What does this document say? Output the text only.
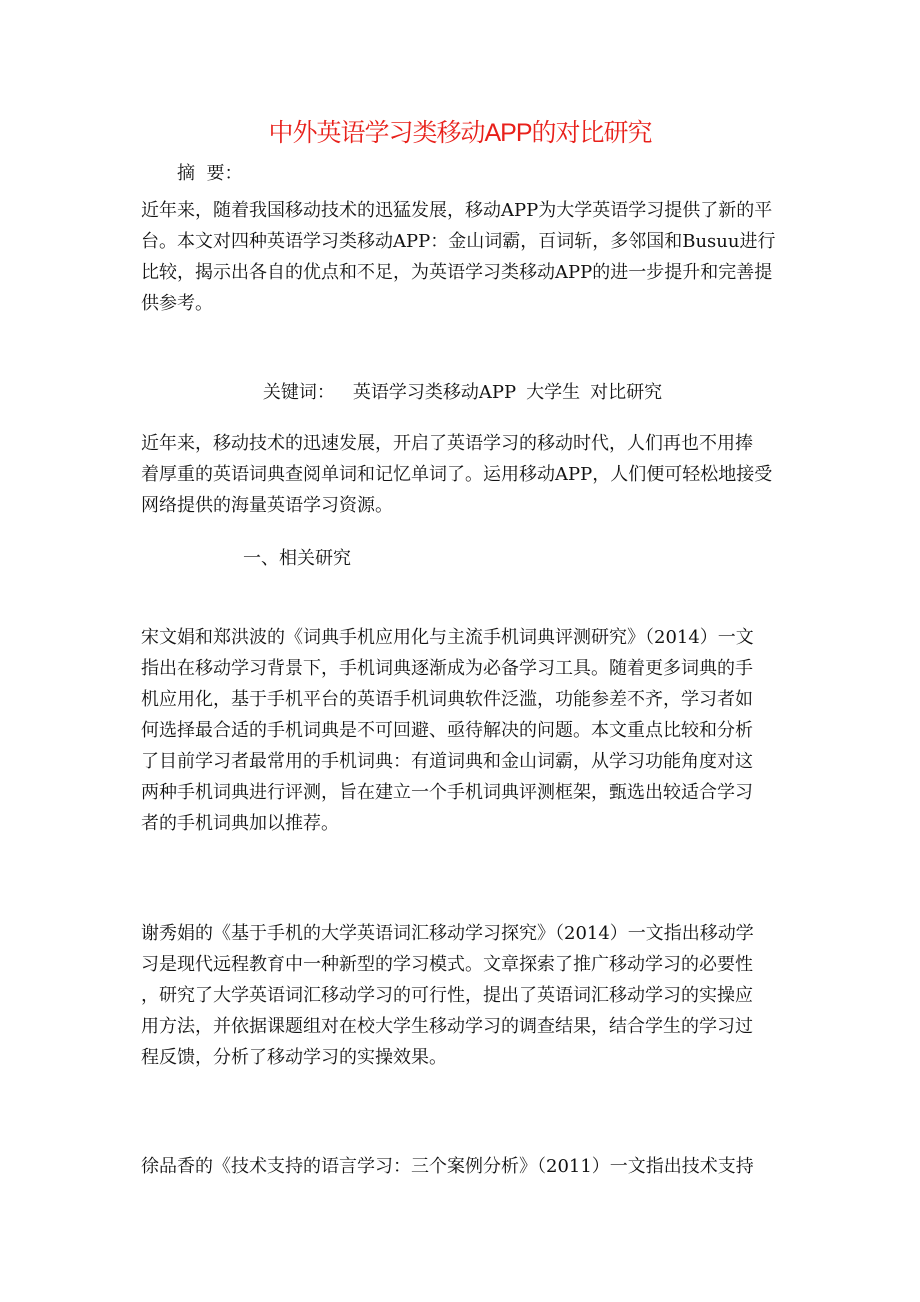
中外英语学习类移动APP的对比研究
摘  要：
近年来，随着我国移动技术的迅猛发展，移动APP为大学英语学习提供了新的平
台。本文对四种英语学习类移动APP：金山词霸，百词斩，多邻国和Busuu进行
比较，揭示出各自的优点和不足，为英语学习类移动APP的进一步提升和完善提
供参考。

关键词： 英语学习类移动APP 大学生 对比研究

近年来，移动技术的迅速发展，开启了英语学习的移动时代，人们再也不用捧
着厚重的英语词典查阅单词和记忆单词了。运用移动APP，人们便可轻松地接受
网络提供的海量英语学习资源。
一、相关研究
宋文娟和郑洪波的《词典手机应用化与主流手机词典评测研究》（2014）一文
指出在移动学习背景下，手机词典逐渐成为必备学习工具。随着更多词典的手
机应用化，基于手机平台的英语手机词典软件泛滥，功能参差不齐，学习者如
何选择最合适的手机词典是不可回避、亟待解决的问题。本文重点比较和分析
了目前学习者最常用的手机词典：有道词典和金山词霸，从学习功能角度对这
两种手机词典进行评测，旨在建立一个手机词典评测框架，甄选出较适合学习
者的手机词典加以推荐。
谢秀娟的《基于手机的大学英语词汇移动学习探究》（2014）一文指出移动学
习是现代远程教育中一种新型的学习模式。文章探索了推广移动学习的必要性
，研究了大学英语词汇移动学习的可行性，提出了英语词汇移动学习的实操应
用方法，并依据课题组对在校大学生移动学习的调查结果，结合学生的学习过
程反馈，分析了移动学习的实操效果。
徐品香的《技术支持的语言学习：三个案例分析》（2011）一文指出技术支持
